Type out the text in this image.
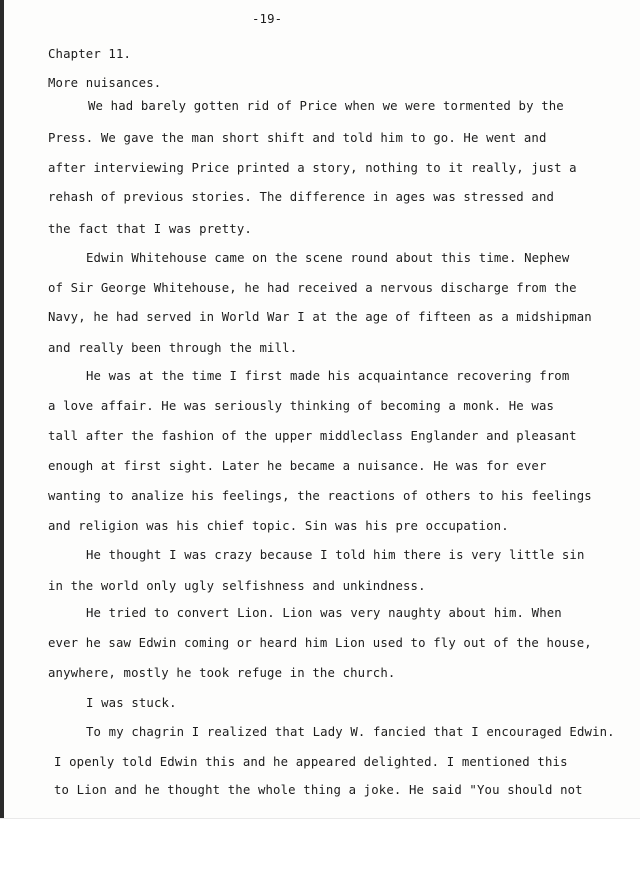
-19-
Chapter 11.
More nuisances.
We had barely gotten rid of Price when we were tormented by the
Press. We gave the man short shift and told him to go. He went and
after interviewing Price printed a story, nothing to it really, just a
rehash of previous stories. The difference in ages was stressed and
the fact that I was pretty.
Edwin Whitehouse came on the scene round about this time. Nephew
of Sir George Whitehouse, he had received a nervous discharge from the
Navy, he had served in World War I at the age of fifteen as a midshipman
and really been through the mill.
He was at the time I first made his acquaintance recovering from
a love affair. He was seriously thinking of becoming a monk. He was
tall after the fashion of the upper middleclass Englander and pleasant
enough at first sight. Later he became a nuisance. He was for ever
wanting to analize his feelings, the reactions of others to his feelings
and religion was his chief topic. Sin was his pre occupation.
He thought I was crazy because I told him there is very little sin
in the world only ugly selfishness and unkindness.
He tried to convert Lion. Lion was very naughty about him. When
ever he saw Edwin coming or heard him Lion used to fly out of the house,
anywhere, mostly he took refuge in the church.
I was stuck.
To my chagrin I realized that Lady W. fancied that I encouraged Edwin.
I openly told Edwin this and he appeared delighted. I mentioned this
to Lion and he thought the whole thing a joke. He said "You should not
